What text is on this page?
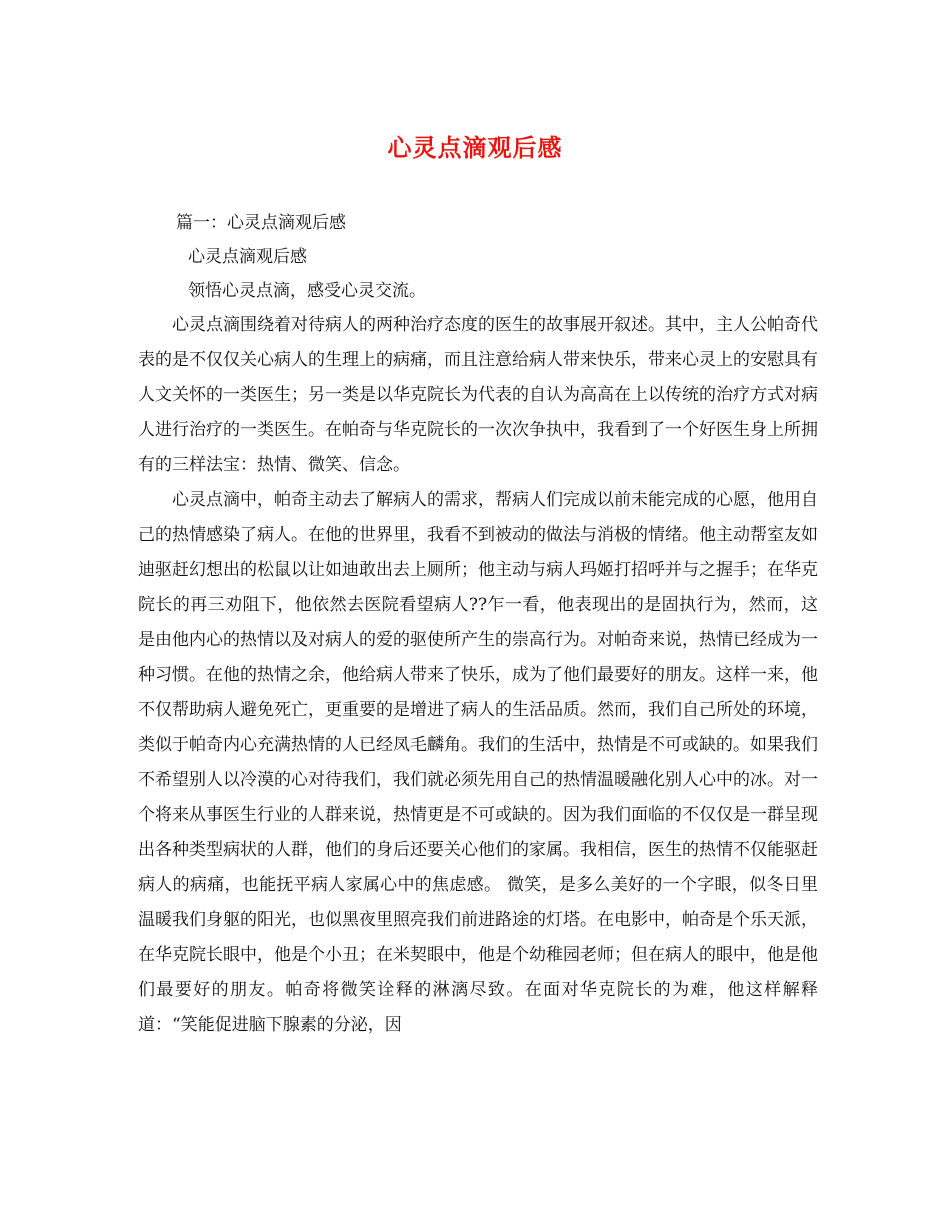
心灵点滴观后感
篇一：心灵点滴观后感
心灵点滴观后感
领悟心灵点滴，感受心灵交流。

心灵点滴围绕着对待病人的两种治疗态度的医生的故事展开叙述。其中，主人公帕奇代表的是不仅仅关心病人的生理上的病痛，而且注意给病人带来快乐，带来心灵上的安慰具有人文关怀的一类医生；另一类是以华克院长为代表的自认为高高在上以传统的治疗方式对病人进行治疗的一类医生。在帕奇与华克院长的一次次争执中，我看到了一个好医生身上所拥有的三样法宝：热情、微笑、信念。

心灵点滴中，帕奇主动去了解病人的需求，帮病人们完成以前未能完成的心愿，他用自己的热情感染了病人。在他的世界里，我看不到被动的做法与消极的情绪。他主动帮室友如迪驱赶幻想出的松鼠以让如迪敢出去上厕所；他主动与病人玛姬打招呼并与之握手；在华克院长的再三劝阻下，他依然去医院看望病人??乍一看，他表现出的是固执行为，然而，这是由他内心的热情以及对病人的爱的驱使所产生的崇高行为。对帕奇来说，热情已经成为一种习惯。在他的热情之余，他给病人带来了快乐，成为了他们最要好的朋友。这样一来，他不仅帮助病人避免死亡，更重要的是增进了病人的生活品质。然而，我们自己所处的环境，类似于帕奇内心充满热情的人已经凤毛麟角。我们的生活中，热情是不可或缺的。如果我们不希望别人以冷漠的心对待我们，我们就必须先用自己的热情温暖融化别人心中的冰。对一个将来从事医生行业的人群来说，热情更是不可或缺的。因为我们面临的不仅仅是一群呈现出各种类型病状的人群，他们的身后还要关心他们的家属。我相信，医生的热情不仅能驱赶病人的病痛，也能抚平病人家属心中的焦虑感。 微笑，是多么美好的一个字眼，似冬日里温暖我们身躯的阳光，也似黑夜里照亮我们前进路途的灯塔。在电影中，帕奇是个乐天派，在华克院长眼中，他是个小丑；在米契眼中，他是个幼稚园老师；但在病人的眼中，他是他们最要好的朋友。帕奇将微笑诠释的淋漓尽致。在面对华克院长的为难，他这样解释道：“笑能促进脑下腺素的分泌，因
